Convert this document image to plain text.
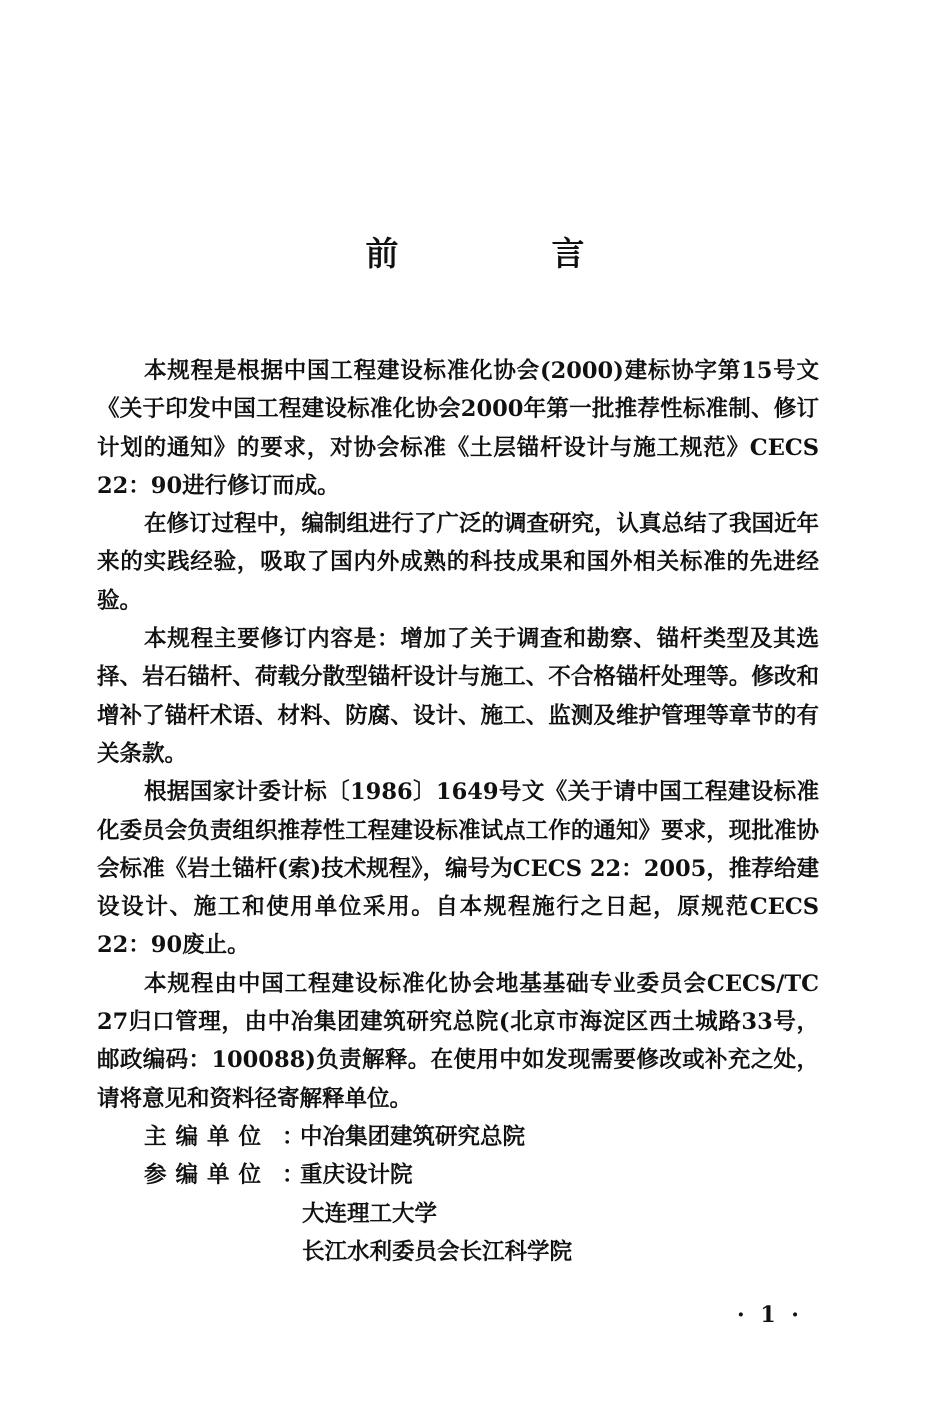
前　言

本规程是根据中国工程建设标准化协会(2000)建标协字第15号文《关于印发中国工程建设标准化协会2000年第一批推荐性标准制、修订计划的通知》的要求，对协会标准《土层锚杆设计与施工规范》CECS 22：90进行修订而成。

在修订过程中，编制组进行了广泛的调查研究，认真总结了我国近年来的实践经验，吸取了国内外成熟的科技成果和国外相关标准的先进经验。

本规程主要修订内容是：增加了关于调查和勘察、锚杆类型及其选择、岩石锚杆、荷载分散型锚杆设计与施工、不合格锚杆处理等。修改和增补了锚杆术语、材料、防腐、设计、施工、监测及维护管理等章节的有关条款。

根据国家计委计标〔1986〕1649号文《关于请中国工程建设标准化委员会负责组织推荐性工程建设标准试点工作的通知》要求，现批准协会标准《岩土锚杆(索)技术规程》，编号为CECS 22：2005，推荐给建设设计、施工和使用单位采用。自本规程施行之日起，原规范CECS 22：90废止。

本规程由中国工程建设标准化协会地基基础专业委员会CECS/TC 27归口管理，由中冶集团建筑研究总院(北京市海淀区西土城路33号，邮政编码：100088)负责解释。在使用中如发现需要修改或补充之处，请将意见和资料径寄解释单位。

主编单位 ：中冶集团建筑研究总院

参编单位 ：重庆设计院

大连理工大学

长江水利委员会长江科学院

· 1 ·
